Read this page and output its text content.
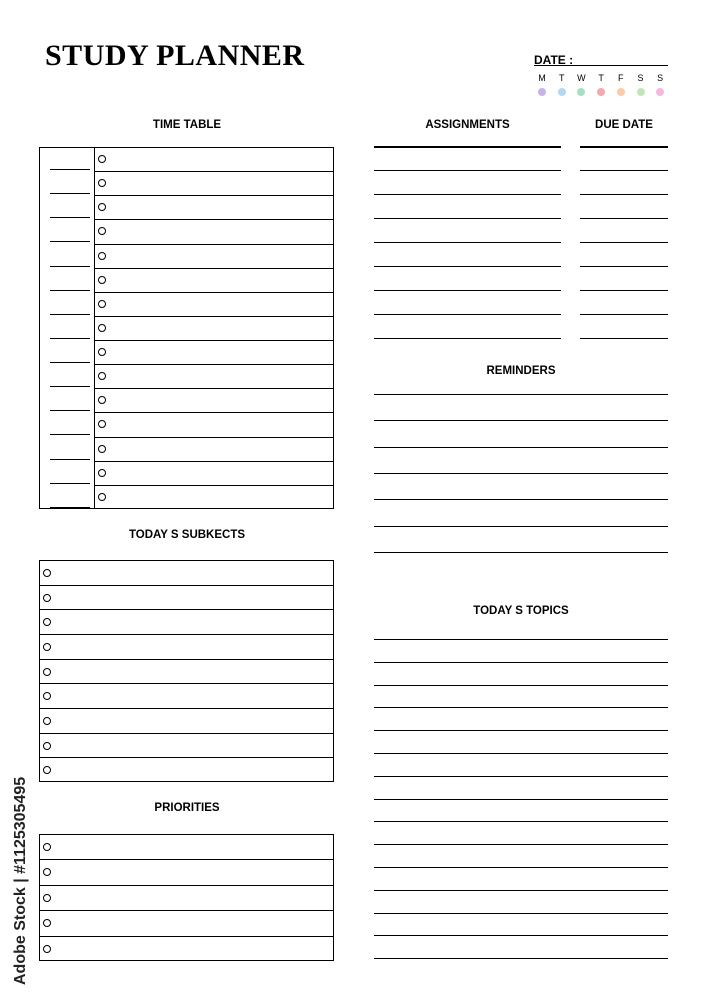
STUDY PLANNER	DATE :
M T W T F S S
TIME TABLE
TODAY S SUBKECTS
PRIORITIES
ASSIGNMENTS	DUE DATE
REMINDERS
TODAY S TOPICS
Adobe Stock | #1125305495
